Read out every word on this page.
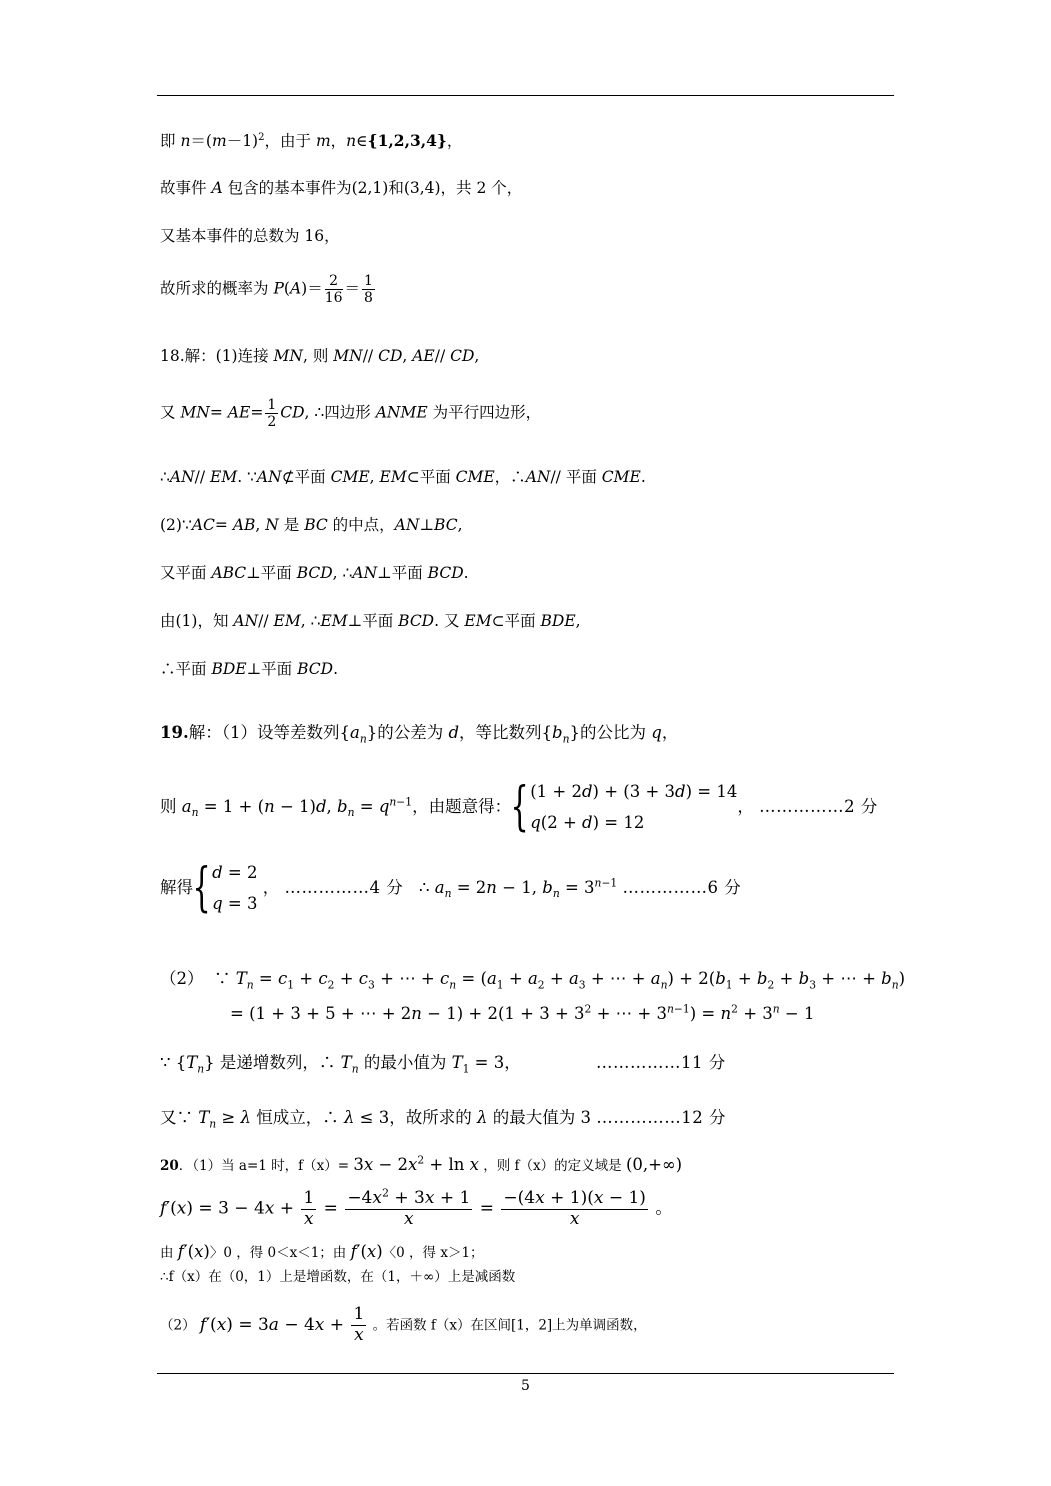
即 $n=(m-1)^2$，由于 m，n∈{1,2,3,4}，
故事件 A 包含的基本事件为(2,1)和(3,4)，共 2 个，
又基本事件的总数为 16，
故所求的概率为 $P(A)= \frac{2}{16} = \frac{1}{8}$
18.解：(1)连接 MN, 则 MN// CD, AE// CD,
又 $MN= AE= \frac{1}{2}$ CD, ∴四边形 ANME 为平行四边形，
∴AN// EM. ∵AN⊄平面 CME, EM⊂平面 CME，∴AN// 平面 CME.
(2)∵AC= AB, N 是 BC 的中点，AN⊥BC,
又平面 ABC⊥平面 BCD, ∴AN⊥平面 BCD.
由(1)，知 AN// EM, ∴EM⊥平面 BCD. 又 EM⊂平面 BDE,
∴平面 BDE⊥平面 BCD.
19.解：（1）设等差数列$\{a_n\}$的公差为 d，等比数列$\{b_n\}$的公比为 q，
则 $a_n = 1 + (n - 1)d$, $b_n = q^{n-1}$，由题意得：{ (1 + 2d) + (3 + 3d) = 14
q(2 + d) = 12
， ……………2 分
解得{ d = 2
q = 3
， ……………4 分   ∴ $a_n = 2n - 1$, $b_n = 3^{n-1}$ ……………6 分
（2）  ∵ $T_n = c_1 + c_2 + c_3$ + ⋯ + $c_n = (a_1 + a_2 + a_3$ + ⋯ + $a_n) + 2(b_1 + b_2 + b_3$ + ⋯ + $b_n$)
= (1 + 3 + 5 + ⋯ + $2n - 1) + 2(1 + 3 + 3^2$ + ⋯ + $3^{n-1}) = n^2 + 3^n - 1$
∵ $\{T_n\}$ 是递增数列，∴ $T_n$ 的最小值为 $T_1 = 3$，	……………11 分
又∵ $T_n \ge \lambda$ 恒成立，∴ λ ≤ 3，故所求的 λ 的最大值为 3 ……………12 分
20．（1）当 a=1 时，$f(x)= 3x - 2x^2 + \ln x$ ，则 f（x）的定义域是 (0,+∞)
$f'(x) = 3 - 4x + \frac{1}{x} = \frac{-4x^2 + 3x + 1}{x} = \frac{-(4x + 1)(x - 1)}{x}$ 。
由 f′(x)〉0 ，得 0＜x＜1；由 f′(x)〈0 ，得 x＞1；
∴f（x）在（0，1）上是增函数，在（1，＋∞）上是减函数
（2） $f'(x) = 3a - 4x + \frac{1}{x}$ 。若函数 f（x）在区间[1，2]上为单调函数，
5
